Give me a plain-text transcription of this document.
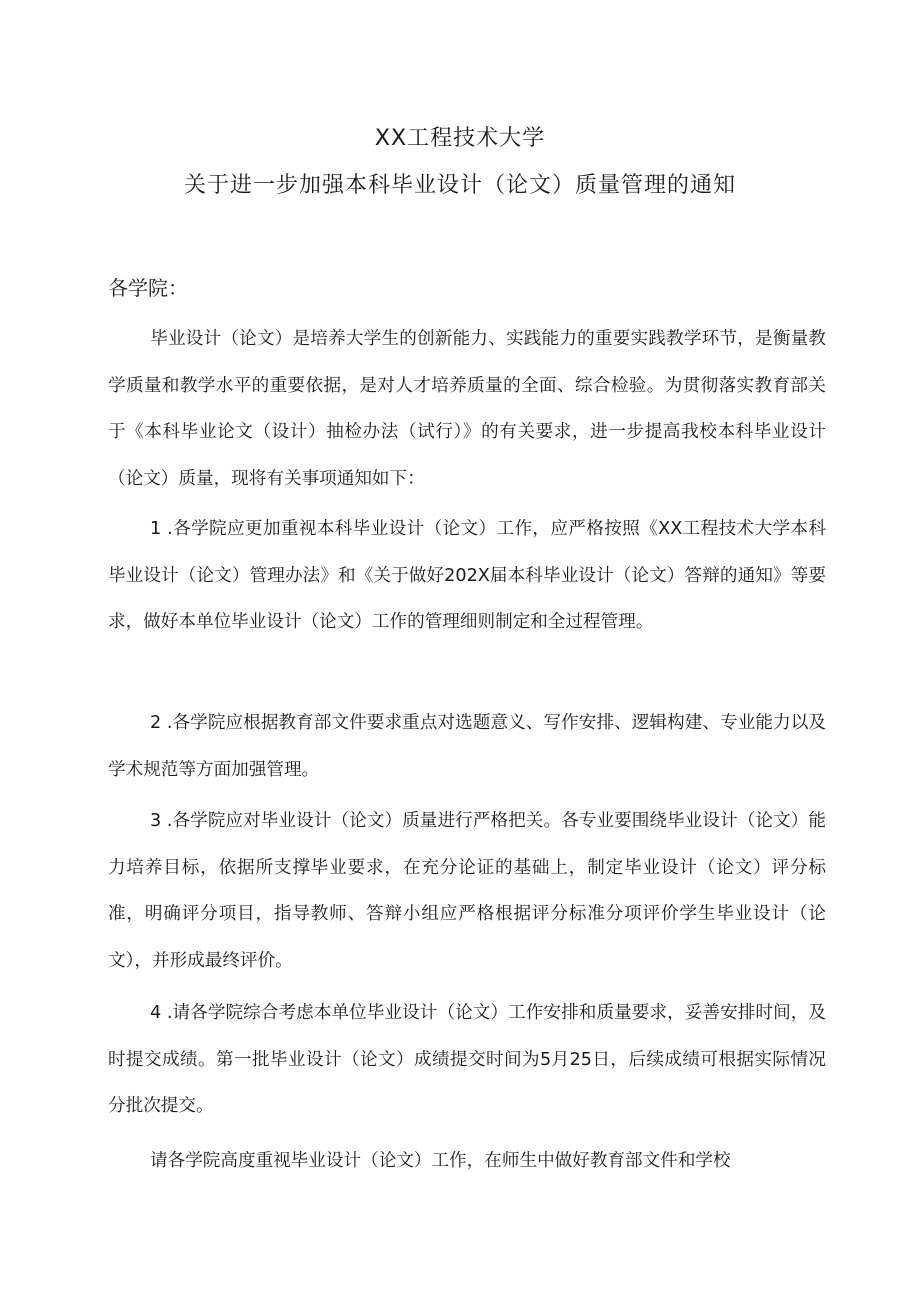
XX工程技术大学
关于进一步加强本科毕业设计（论文）质量管理的通知
各学院：
毕业设计（论文）是培养大学生的创新能力、实践能力的重要实践教学环节，是衡量教学质量和教学水平的重要依据，是对人才培养质量的全面、综合检验。为贯彻落实教育部关于《本科毕业论文（设计）抽检办法（试行）》的有关要求，进一步提高我校本科毕业设计（论文）质量，现将有关事项通知如下：
1 .各学院应更加重视本科毕业设计（论文）工作，应严格按照《XX工程技术大学本科毕业设计（论文）管理办法》和《关于做好202X届本科毕业设计（论文）答辩的通知》等要求，做好本单位毕业设计（论文）工作的管理细则制定和全过程管理。
2 .各学院应根据教育部文件要求重点对选题意义、写作安排、逻辑构建、专业能力以及学术规范等方面加强管理。
3 .各学院应对毕业设计（论文）质量进行严格把关。各专业要围绕毕业设计（论文）能力培养目标，依据所支撑毕业要求，在充分论证的基础上，制定毕业设计（论文）评分标准，明确评分项目，指导教师、答辩小组应严格根据评分标准分项评价学生毕业设计（论文），并形成最终评价。
4 .请各学院综合考虑本单位毕业设计（论文）工作安排和质量要求，妥善安排时间，及时提交成绩。第一批毕业设计（论文）成绩提交时间为5月25日，后续成绩可根据实际情况分批次提交。
请各学院高度重视毕业设计（论文）工作，在师生中做好教育部文件和学校
